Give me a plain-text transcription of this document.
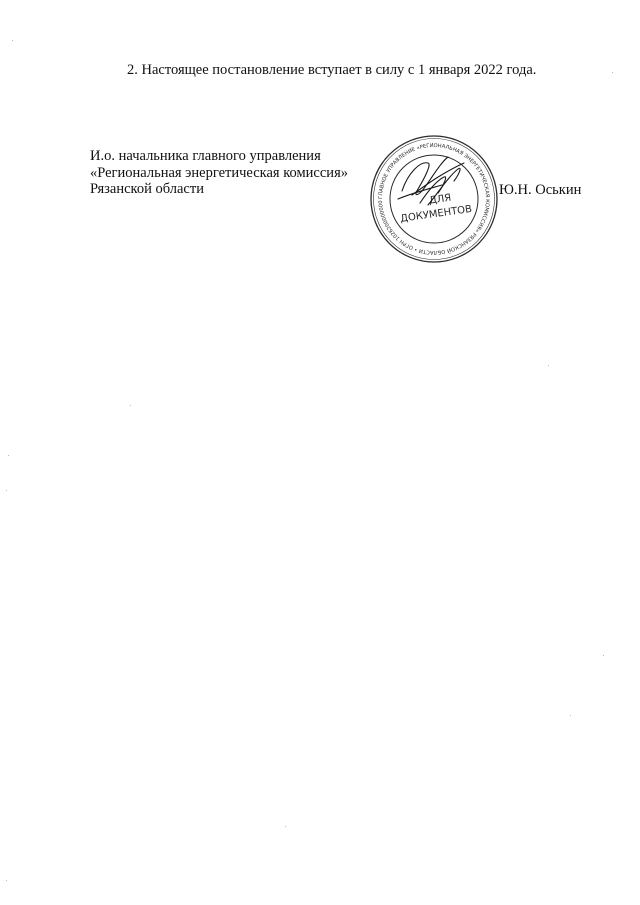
2. Настоящее постановление вступает в силу с 1 января 2022 года.
И.о. начальника главного управления
«Региональная энергетическая комиссия»
Рязанской области
ГЛАВНОЕ УПРАВЛЕНИЕ «РЕГИОНАЛЬНАЯ ЭНЕРГЕТИЧЕСКАЯ КОМИССИЯ» РЯЗАНСКОЙ ОБЛАСТИ • ОГРН 1026200000000	ДЛЯ
ДОКУМЕНТОВ
Ю.Н. Оськин
